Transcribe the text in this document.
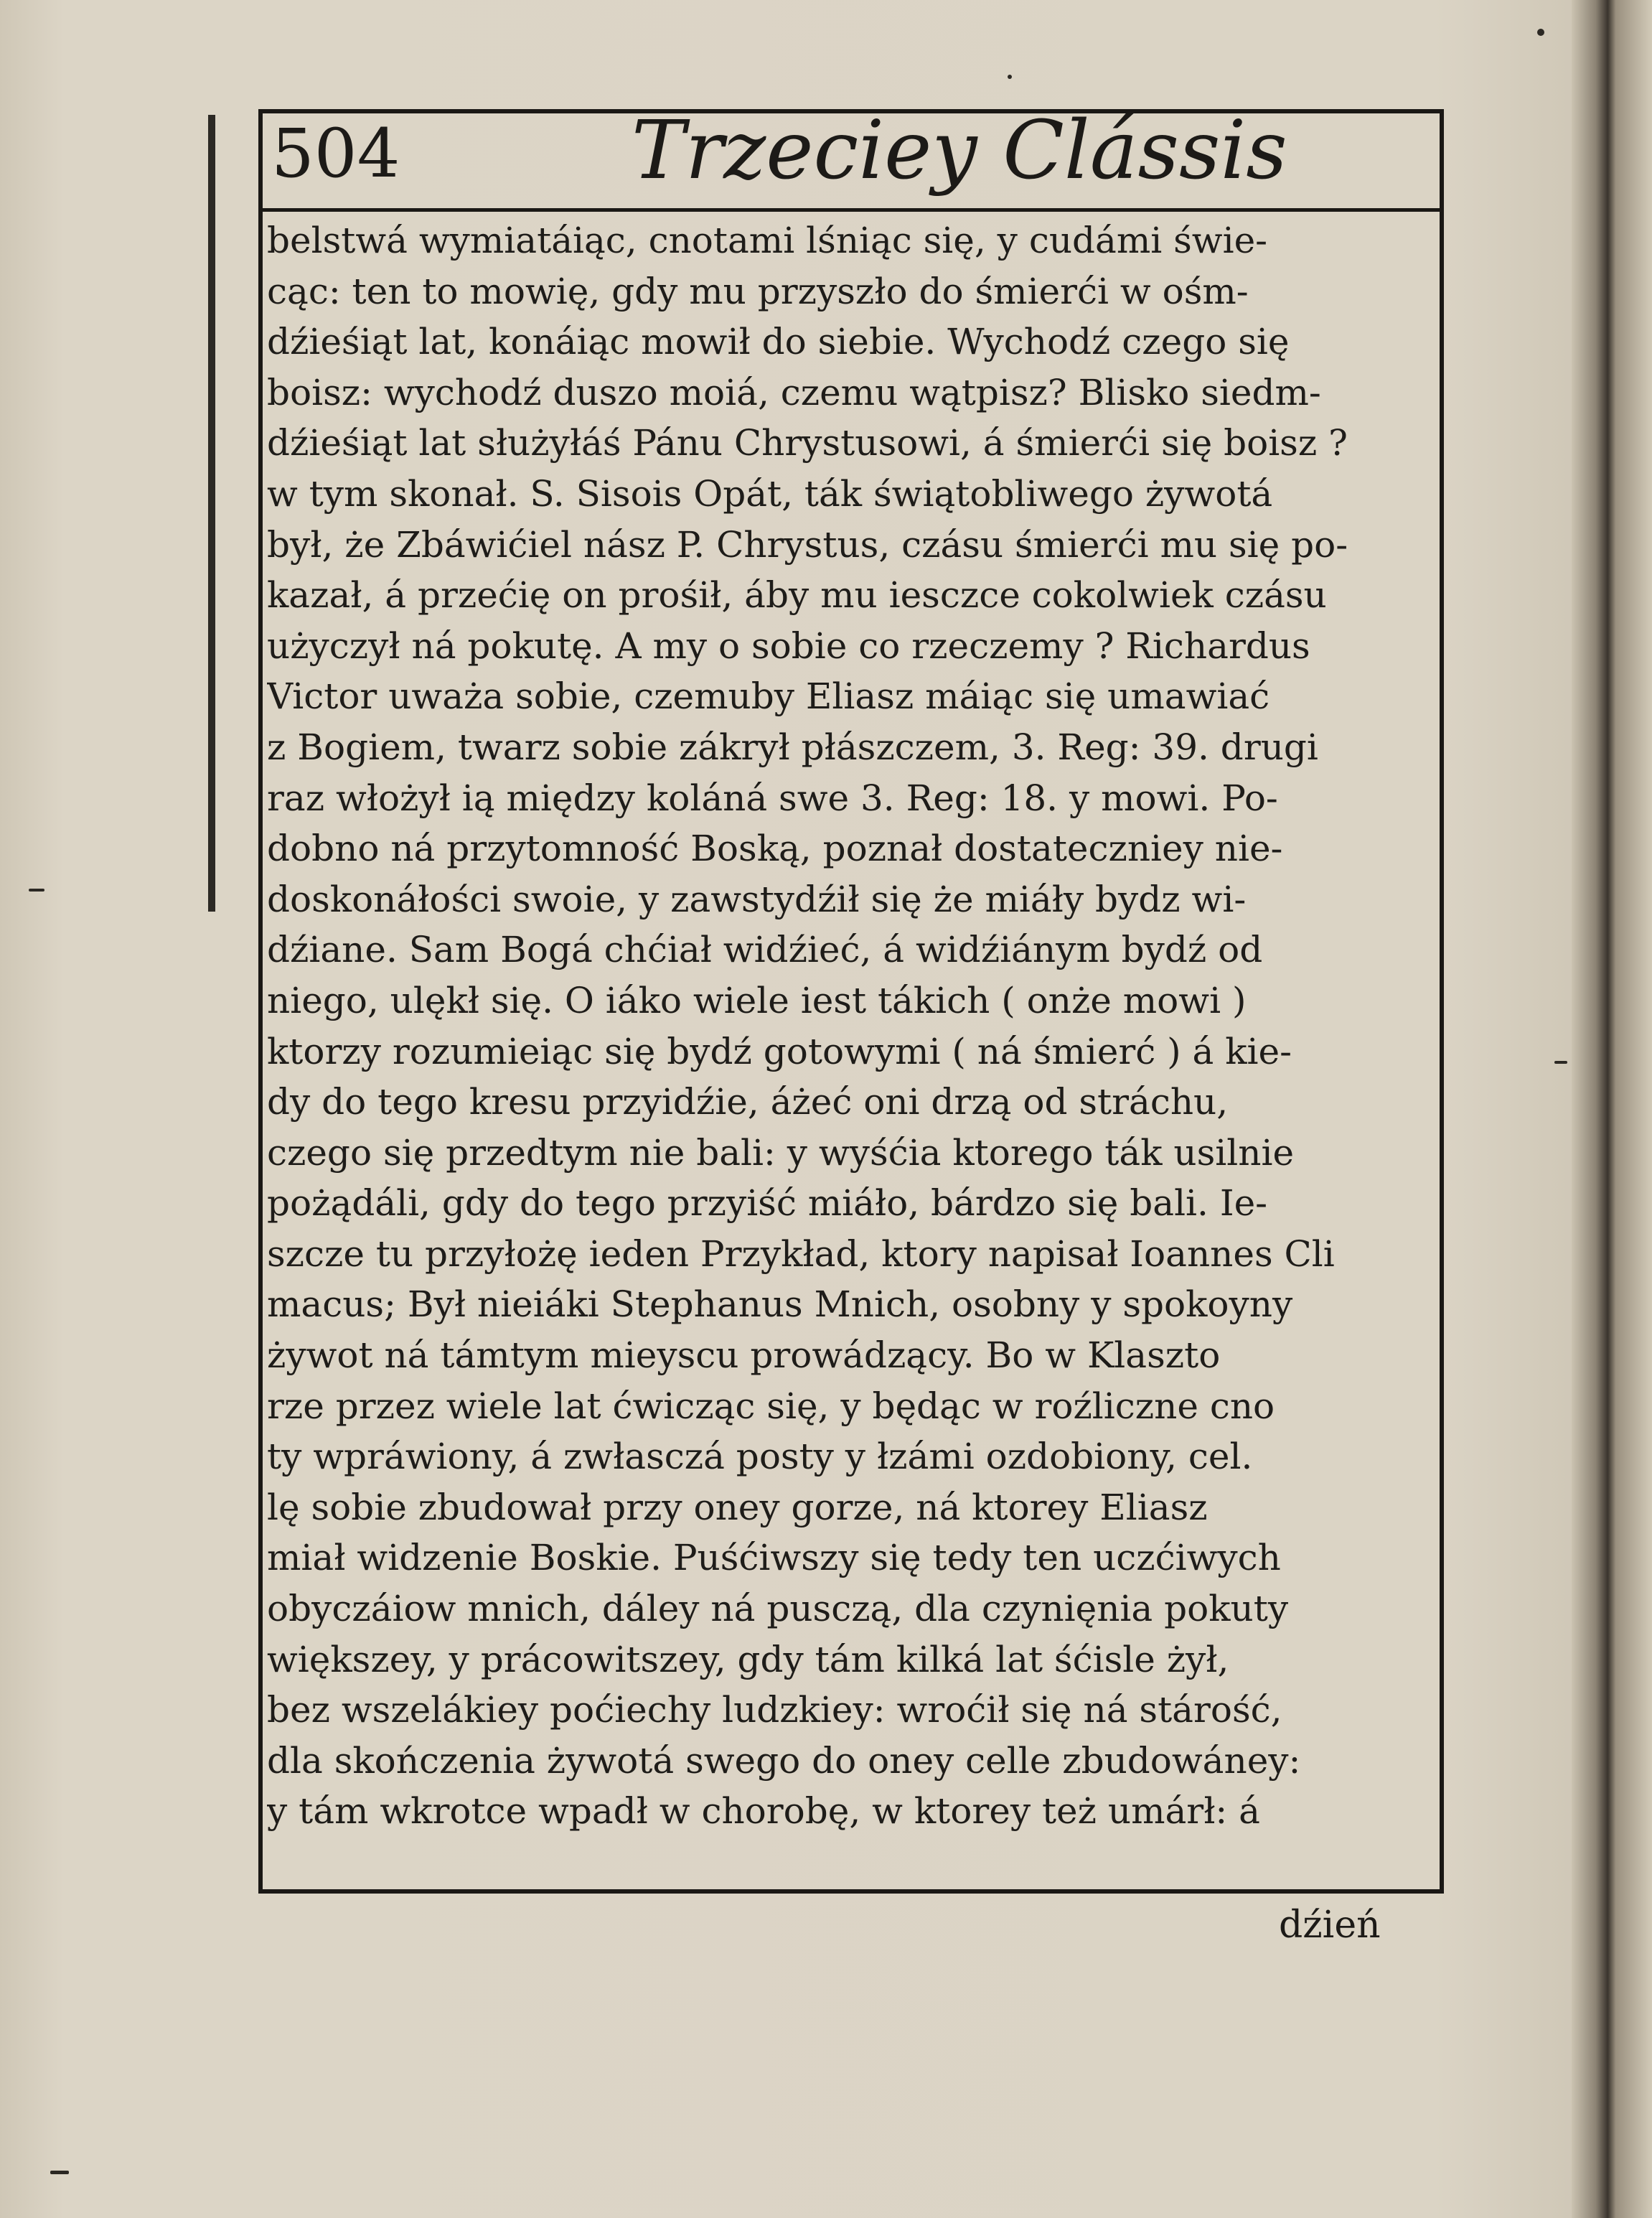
504	Trzeciey Clássis
belstwá wymiatáiąc, cnotami lśniąc się, y cudámi świe-
cąc: ten to mowię, gdy mu przyszło do śmierći w ośm-
dźieśiąt lat, konáiąc mowił do siebie. Wychodź czego się
boisz: wychodź duszo moiá, czemu wątpisz? Blisko siedm-
dźieśiąt lat służyłáś Pánu Chrystusowi, á śmierći się boisz ?
w tym skonał. S. Sisois Opát, ták świątobliwego żywotá
był, że Zbáwićiel nász P. Chrystus, czásu śmierći mu się po-
kazał, á przećię on prośił, áby mu iesczce cokolwiek czásu
użyczył ná pokutę. A my o sobie co rzeczemy ? Richardus
Victor uważa sobie, czemuby Eliasz máiąc się umawiać
z Bogiem, twarz sobie zákrył płászczem, 3. Reg: 39. drugi
raz włożył ią między koláná swe 3. Reg: 18. y mowi. Po-
dobno ná przytomność Boską, poznał dostateczniey nie-
doskonáłości swoie, y zawstydźił się że miáły bydz wi-
dźiane. Sam Bogá chćiał widźieć, á widźiánym bydź od
niego, ulękł się. O iáko wiele iest tákich ( onże mowi )
ktorzy rozumieiąc się bydź gotowymi ( ná śmierć ) á kie-
dy do tego kresu przyidźie, áżeć oni drzą od stráchu,
czego się przedtym nie bali: y wyśćia ktorego ták usilnie
pożądáli, gdy do tego przyiść miáło, bárdzo się bali. Ie-
szcze tu przyłożę ieden Przykład, ktory napisał Ioannes Cli
macus; Był nieiáki Stephanus Mnich, osobny y spokoyny
żywot ná támtym mieyscu prowádzący. Bo w Klaszto
rze przez wiele lat ćwicząc się, y będąc w roźliczne cno
ty wpráwiony, á zwłasczá posty y łzámi ozdobiony, cel.
lę sobie zbudował przy oney gorze, ná ktorey Eliasz
miał widzenie Boskie. Puśćiwszy się tedy ten uczćiwych
obyczáiow mnich, dáley ná pusczą, dla czynięnia pokuty
większey, y prácowitszey, gdy tám kilká lat śćisle żył,
bez wszelákiey poćiechy ludzkiey: wroćił się ná stárość,
dla skończenia żywotá swego do oney celle zbudowáney:
y tám wkrotce wpadł w chorobę, w ktorey też umárł: á
dźień
